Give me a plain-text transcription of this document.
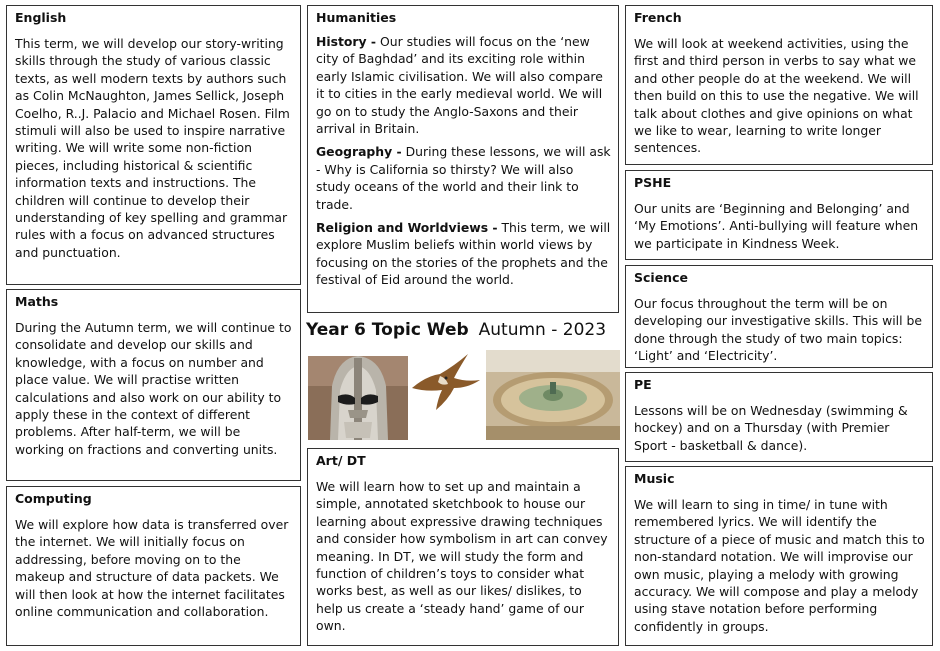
English

This term, we will develop our story-writing skills through the study of various classic texts, as well modern texts by authors such as Colin McNaughton, James Sellick, Joseph Coelho, R..J. Palacio and Michael Rosen. Film stimuli will also be used to inspire narrative writing. We will write some non-fiction pieces, including historical & scientific information texts and instructions. The children will continue to develop their understanding of key spelling and grammar rules with a focus on advanced structures and punctuation.

Maths

During the Autumn term, we will continue to consolidate and develop our skills and knowledge, with a focus on number and place value. We will practise written calculations and also work on our ability to apply these in the context of different problems. After half-term, we will be working on fractions and converting units.

Computing

We will explore how data is transferred over the internet. We will initially focus on addressing, before moving on to the makeup and structure of data packets. We will then look at how the internet facilitates online communication and collaboration.

Humanities

History - Our studies will focus on the ‘new city of Baghdad’ and its exciting role within early Islamic civilisation. We will also compare it to cities in the early medieval world. We will go on to study the Anglo-Saxons and their arrival in Britain.

Geography - During these lessons, we will ask - Why is California so thirsty? We will also study oceans of the world and their link to trade.

Religion and Worldviews - This term, we will explore Muslim beliefs within world views by focusing on the stories of the prophets and the festival of Eid around the world.

Year 6 Topic Web Autumn - 2023
Art/ DT

We will learn how to set up and maintain a simple, annotated sketchbook to house our learning about expressive drawing techniques and consider how symbolism in art can convey meaning. In DT, we will study the form and function of children’s toys to consider what works best, as well as our likes/ dislikes, to help us create a ‘steady hand’ game of our own.

French

We will look at weekend activities, using the first and third person in verbs to say what we and other people do at the weekend. We will then build on this to use the negative. We will talk about clothes and give opinions on what we like to wear, learning to write longer sentences.

PSHE

Our units are ‘Beginning and Belonging’ and ‘My Emotions’. Anti-bullying will feature when we participate in Kindness Week.

Science

Our focus throughout the term will be on developing our investigative skills. This will be done through the study of two main topics: ‘Light’ and ‘Electricity’.

PE

Lessons will be on Wednesday (swimming & hockey) and on a Thursday (with Premier Sport - basketball & dance).

Music

We will learn to sing in time/ in tune with remembered lyrics. We will identify the structure of a piece of music and match this to non-standard notation. We will improvise our own music, playing a melody with growing accuracy. We will compose and play a melody using stave notation before performing confidently in groups.
